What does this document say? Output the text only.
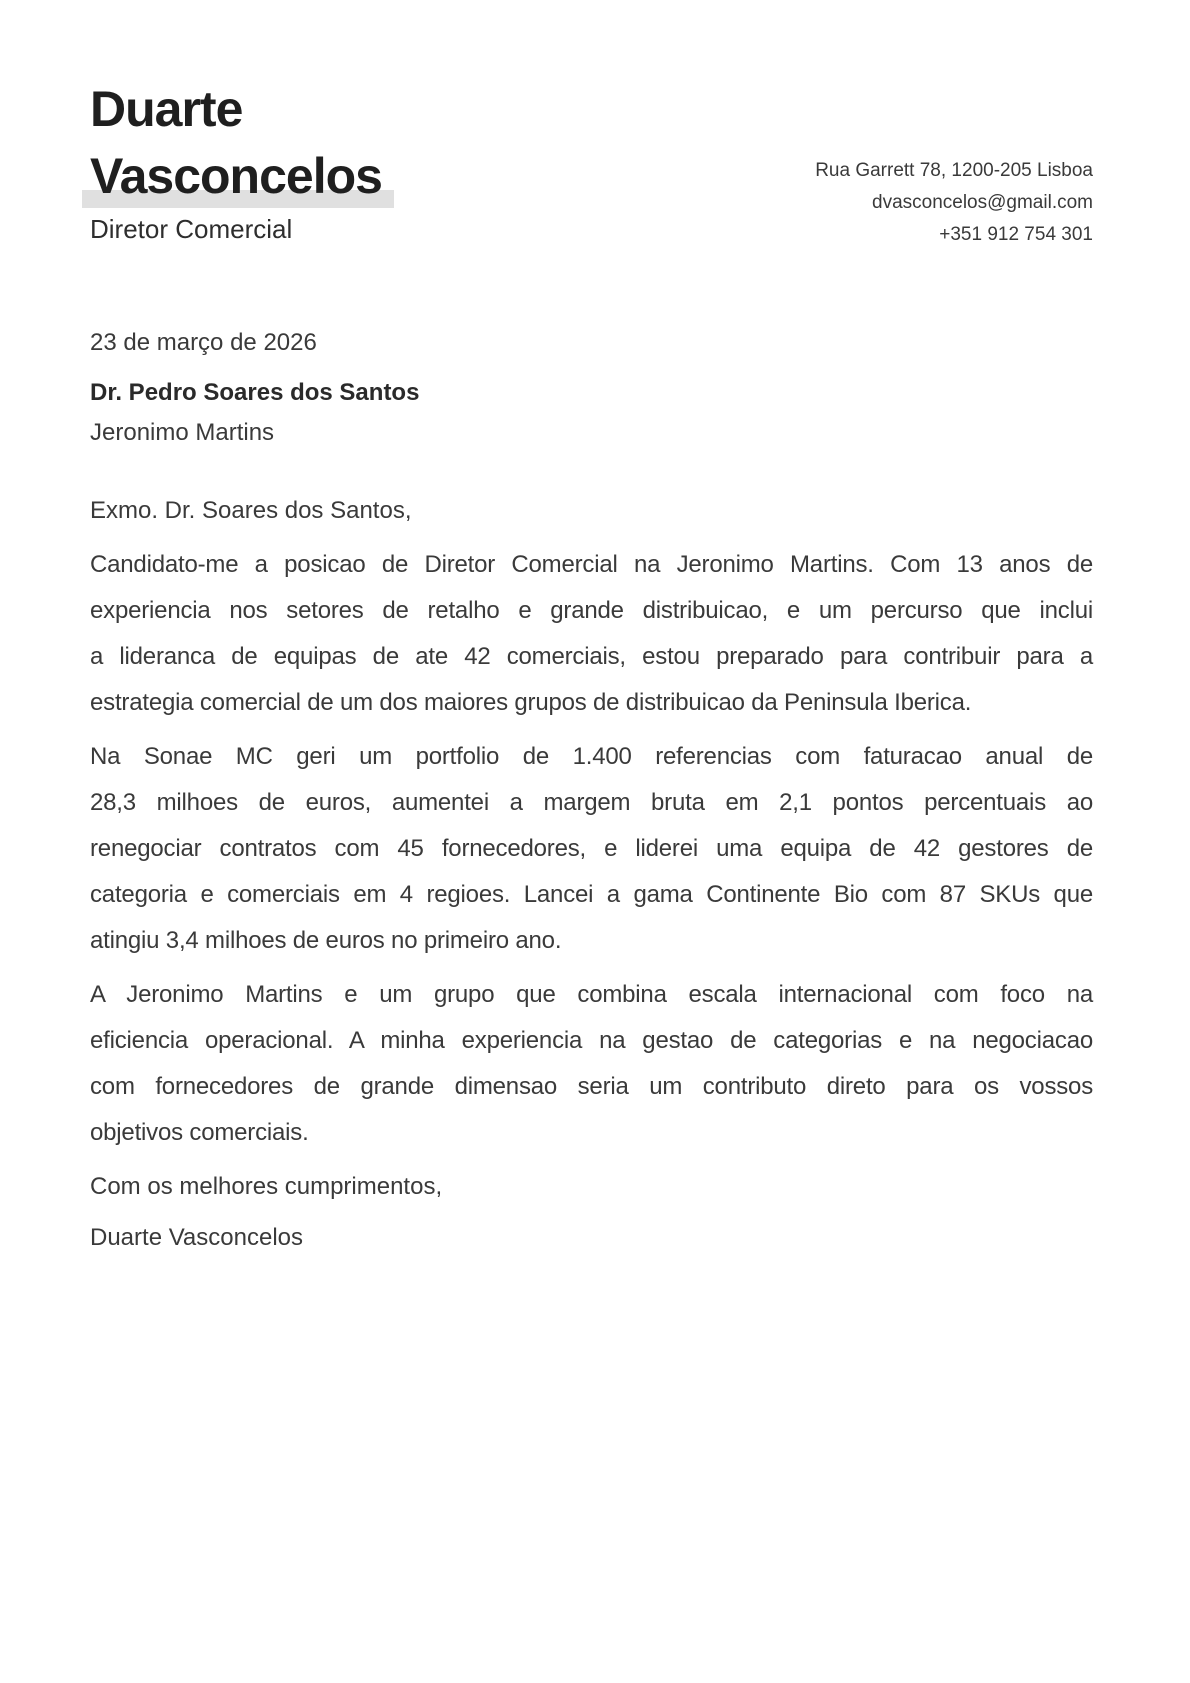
Duarte
Vasconcelos
Diretor Comercial
Rua Garrett 78, 1200-205 Lisboa
dvasconcelos@gmail.com
+351 912 754 301
23 de março de 2026
Dr. Pedro Soares dos Santos
Jeronimo Martins
Exmo. Dr. Soares dos Santos,
Candidato-me a posicao de Diretor Comercial na Jeronimo Martins. Com 13 anos de
experiencia nos setores de retalho e grande distribuicao, e um percurso que inclui
a lideranca de equipas de ate 42 comerciais, estou preparado para contribuir para a
estrategia comercial de um dos maiores grupos de distribuicao da Peninsula Iberica.
Na Sonae MC geri um portfolio de 1.400 referencias com faturacao anual de
28,3 milhoes de euros, aumentei a margem bruta em 2,1 pontos percentuais ao
renegociar contratos com 45 fornecedores, e liderei uma equipa de 42 gestores de
categoria e comerciais em 4 regioes. Lancei a gama Continente Bio com 87 SKUs que
atingiu 3,4 milhoes de euros no primeiro ano.
A Jeronimo Martins e um grupo que combina escala internacional com foco na
eficiencia operacional. A minha experiencia na gestao de categorias e na negociacao
com fornecedores de grande dimensao seria um contributo direto para os vossos
objetivos comerciais.
Com os melhores cumprimentos,
Duarte Vasconcelos
